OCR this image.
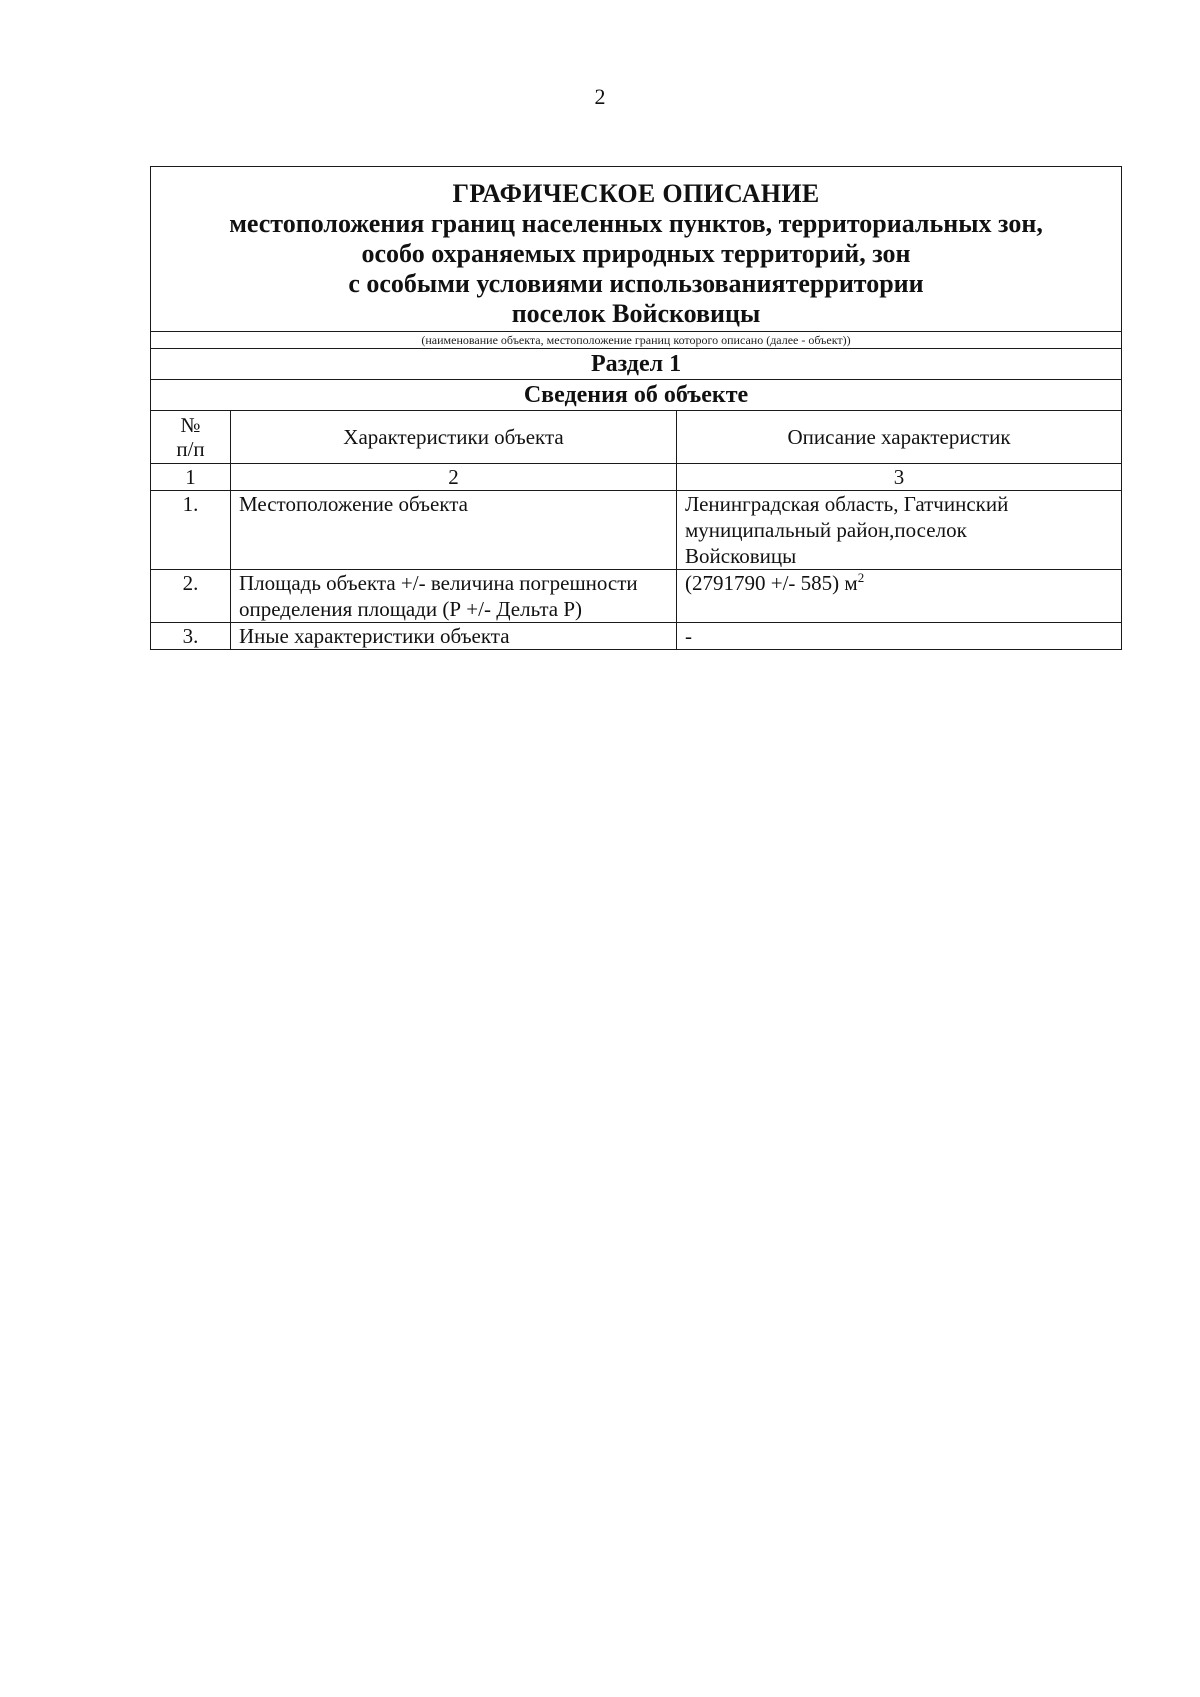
2
ГРАФИЧЕСКОЕ ОПИСАНИЕ
местоположения границ населенных пунктов, территориальных зон,
особо охраняемых природных территорий, зон
с особыми условиями использованиятерритории
поселок Войсковицы		

(наименование объекта, местоположение границ которого описано (далее - объект))		
Раздел 1		
Сведения об объекте		

№
п/п	Характеристики объекта	Описание характеристик
1	2	3
1.	Местоположение объекта	Ленинградская область, Гатчинский
муниципальный район,поселок
Войсковицы

2.	Площадь объекта +/- величина погрешности
определения площади (Р +/- Дельта Р)	(2791790 +/- 585) $м^2$
3.	Иные характеристики объекта	-
